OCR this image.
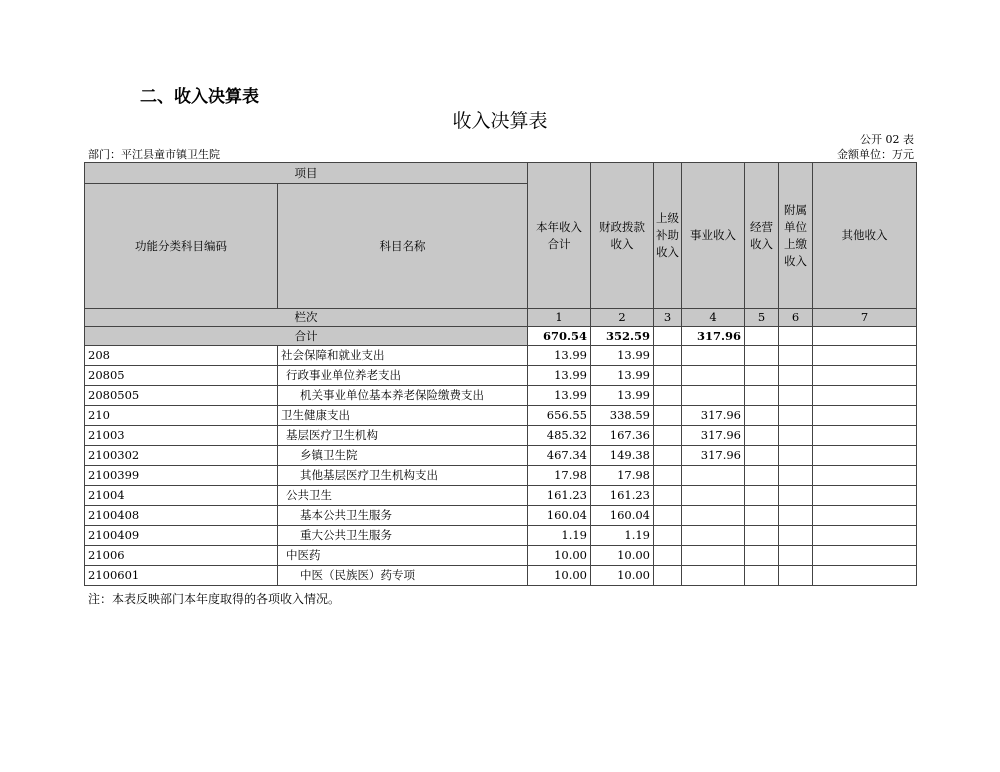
二、收入决算表
收入决算表
公开 02 表
部门：平江县童市镇卫生院	金额单位：万元
项目		本年收入合计	财政拨款收入	上级补助收入	事业收入	经营收入	附属单位上缴收入	其他收入
功能分类科目编码	科目名称							
栏次		1	2	3	4	5	6	7
合计		670.54	352.59		317.96			
208	社会保障和就业支出	13.99	13.99					
20805	行政事业单位养老支出	13.99	13.99					
2080505	机关事业单位基本养老保险缴费支出	13.99	13.99					
210	卫生健康支出	656.55	338.59		317.96			
21003	基层医疗卫生机构	485.32	167.36		317.96			
2100302	乡镇卫生院	467.34	149.38		317.96			
2100399	其他基层医疗卫生机构支出	17.98	17.98					
21004	公共卫生	161.23	161.23					
2100408	基本公共卫生服务	160.04	160.04					
2100409	重大公共卫生服务	1.19	1.19					
21006	中医药	10.00	10.00					
2100601	中医（民族医）药专项	10.00	10.00					
注：本表反映部门本年度取得的各项收入情况。
